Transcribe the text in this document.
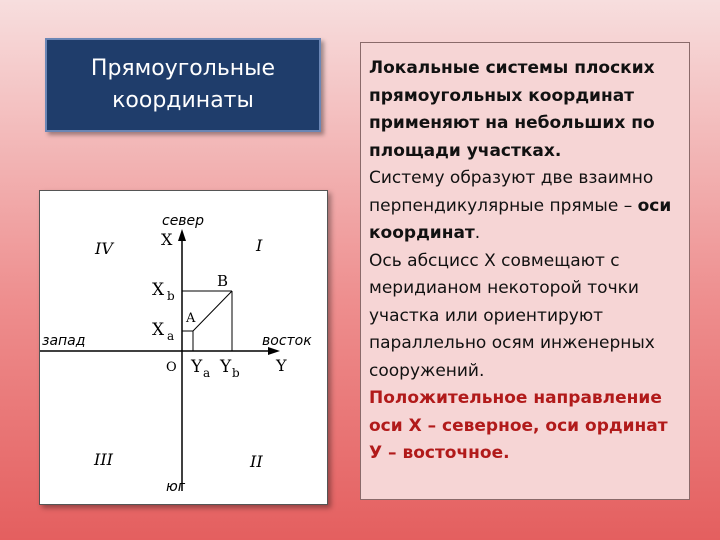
Прямоугольные
координаты
север
юг
запад	восток
IV	I
III	II
X
Y
O
A
B
X b
X a
Y a Y b
Локальные системы плоских прямоугольных координат применяют на небольших по площади участках.
Систему образуют две взаимно перпендикулярные прямые – оси координат.
Ось абсцисс X совмещают с меридианом некоторой точки участка или ориентируют параллельно осям инженерных сооружений.
Положительное направление оси X – северное, оси ординат У – восточное.
